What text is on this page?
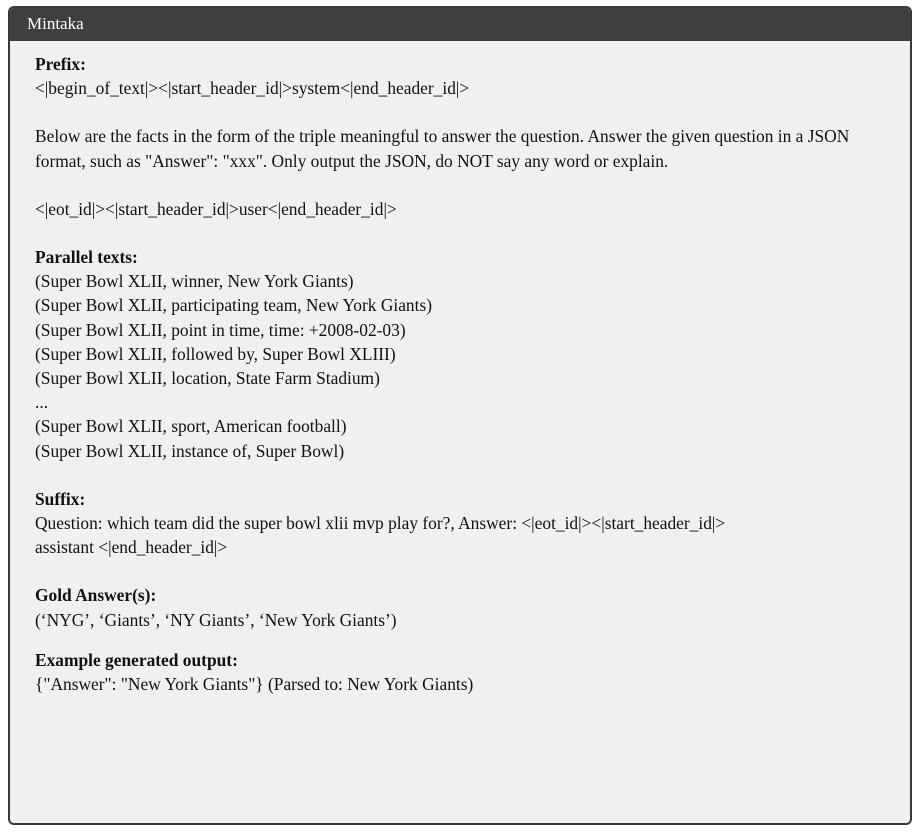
Mintaka

Prefix:

<|begin_of_text|><|start_header_id|>system<|end_header_id|>

Below are the facts in the form of the triple meaningful to answer the question. Answer the given question in a JSON format, such as "Answer": "xxx". Only output the JSON, do NOT say any word or explain.

<|eot_id|><|start_header_id|>user<|end_header_id|>

Parallel texts:

(Super Bowl XLII, winner, New York Giants)

(Super Bowl XLII, participating team, New York Giants)

(Super Bowl XLII, point in time, time: +2008-02-03)

(Super Bowl XLII, followed by, Super Bowl XLIII)

(Super Bowl XLII, location, State Farm Stadium)

...

(Super Bowl XLII, sport, American football)

(Super Bowl XLII, instance of, Super Bowl)

Suffix:

Question: which team did the super bowl xlii mvp play for?, Answer: <|eot_id|><|start_header_id|>

assistant <|end_header_id|>

Gold Answer(s):

(‘NYG’, ‘Giants’, ‘NY Giants’, ‘New York Giants’)

Example generated output:

{"Answer": "New York Giants"} (Parsed to: New York Giants)
